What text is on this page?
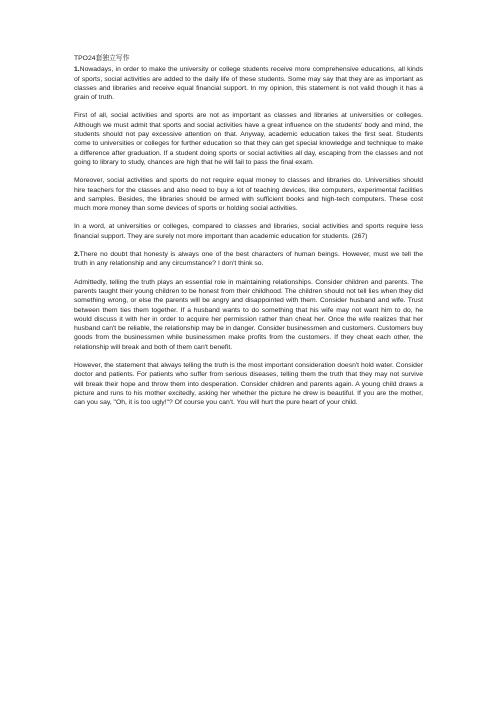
TPO24套独立写作

1.Nowadays, in order to make the university or college students receive more comprehensive educations, all kinds of sports, social activities are added to the daily life of these students. Some may say that they are as important as classes and libraries and receive equal financial support. In my opinion, this statement is not valid though it has a grain of truth.

First of all, social activities and sports are not as important as classes and libraries at universities or colleges. Although we must admit that sports and social activities have a great influence on the students' body and mind, the students should not pay excessive attention on that. Anyway, academic education takes the first seat. Students come to universities or colleges for further education so that they can get special knowledge and technique to make a difference after graduation. If a student doing sports or social activities all day, escaping from the classes and not going to library to study, chances are high that he will fail to pass the final exam.

Moreover, social activities and sports do not require equal money to classes and libraries do. Universities should hire teachers for the classes and also need to buy a lot of teaching devices, like computers, experimental facilities and samples. Besides, the libraries should be armed with sufficient books and high-tech computers. These cost much more money than some devices of sports or holding social activities.

In a word, at universities or colleges, compared to classes and libraries, social activities and sports require less financial support. They are surely not more important than academic education for students. (267)

2.There no doubt that honesty is always one of the best characters of human beings. However, must we tell the truth in any relationship and any circumstance? I don't think so.

Admittedly, telling the truth plays an essential role in maintaining relationships. Consider children and parents. The parents taught their young children to be honest from their childhood. The children should not tell lies when they did something wrong, or else the parents will be angry and disappointed with them. Consider husband and wife. Trust between them ties them together. If a husband wants to do something that his wife may not want him to do, he would discuss it with her in order to acquire her permission rather than cheat her. Once the wife realizes that her husband can't be reliable, the relationship may be in danger. Consider businessmen and customers. Customers buy goods from the businessmen while businessmen make profits from the customers. If they cheat each other, the relationship will break and both of them can't benefit.

However, the statement that always telling the truth is the most important consideration doesn't hold water. Consider doctor and patients. For patients who suffer from serious diseases, telling them the truth that they may not survive will break their hope and throw them into desperation. Consider children and parents again. A young child draws a picture and runs to his mother excitedly, asking her whether the picture he drew is beautiful. If you are the mother, can you say, "Oh, it is too ugly!"? Of course you can't. You will hurt the pure heart of your child.
